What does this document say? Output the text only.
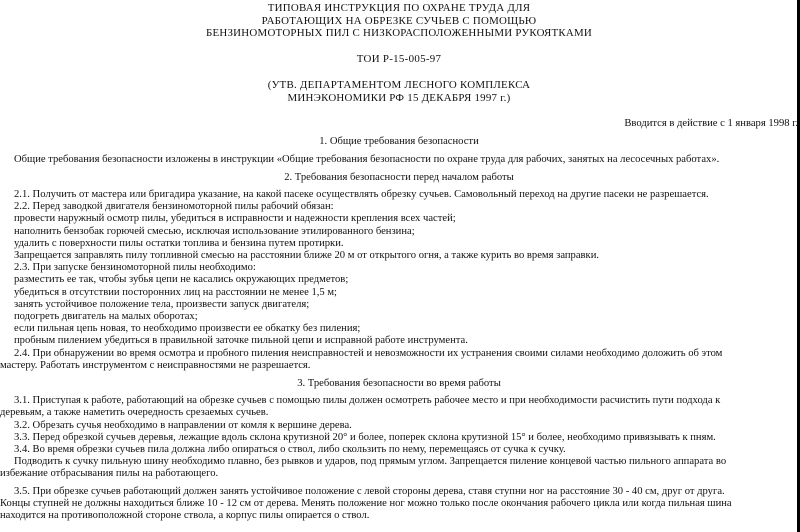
ТИПОВАЯ ИНСТРУКЦИЯ ПО ОХРАНЕ ТРУДА ДЛЯ
РАБОТАЮЩИХ НА ОБРЕЗКЕ СУЧЬЕВ С ПОМОЩЬЮ
БЕНЗИНОМОТОРНЫХ ПИЛ С НИЗКОРАСПОЛОЖЕННЫМИ РУКОЯТКАМИ
ТОИ Р-15-005-97
(УТВ. ДЕПАРТАМЕНТОМ ЛЕСНОГО КОМПЛЕКСА
МИНЭКОНОМИКИ РФ 15 ДЕКАБРЯ 1997 г.)
Вводится в действие с 1 января 1998 г.
1. Общие требования безопасности
Общие требования безопасности изложены в инструкции «Общие требования безопасности по охране труда для рабочих, занятых на лесосечных работах».
2. Требования безопасности перед началом работы
2.1. Получить от мастера или бригадира указание, на какой пасеке осуществлять обрезку сучьев. Самовольный переход на другие пасеки не разрешается.
2.2. Перед заводкой двигателя бензиномоторной пилы рабочий обязан:
провести наружный осмотр пилы, убедиться в исправности и надежности крепления всех частей;
наполнить бензобак горючей смесью, исключая использование этилированного бензина;
удалить с поверхности пилы остатки топлива и бензина путем протирки.
Запрещается заправлять пилу топливной смесью на расстоянии ближе 20 м от открытого огня, а также курить во время заправки.
2.3. При запуске бензиномоторной пилы необходимо:
разместить ее так, чтобы зубья цепи не касались окружающих предметов;
убедиться в отсутствии посторонних лиц на расстоянии не менее 1,5 м;
занять устойчивое положение тела, произвести запуск двигателя;
подогреть двигатель на малых оборотах;
если пильная цепь новая, то необходимо произвести ее обкатку без пиления;
пробным пилением убедиться в правильной заточке пильной цепи и исправной работе инструмента.
2.4. При обнаружении во время осмотра и пробного пиления неисправностей и невозможности их устранения своими силами необходимо доложить об этом
мастеру. Работать инструментом с неисправностями не разрешается.
3. Требования безопасности во время работы
3.1. Приступая к работе, работающий на обрезке сучьев с помощью пилы должен осмотреть рабочее место и при необходимости расчистить пути подхода к
деревьям, а также наметить очередность срезаемых сучьев.
3.2. Обрезать сучья необходимо в направлении от комля к вершине дерева.
3.3. Перед обрезкой сучьев деревья, лежащие вдоль склона крутизной 20° и более, поперек склона крутизной 15° и более, необходимо привязывать к пням.
3.4. Во время обрезки сучьев пила должна либо опираться о ствол, либо скользить по нему, перемещаясь от сучка к сучку.
Подводить к сучку пильную шину необходимо плавно, без рывков и ударов, под прямым углом. Запрещается пиление концевой частью пильного аппарата во
избежание отбрасывания пилы на работающего.
3.5. При обрезке сучьев работающий должен занять устойчивое положение с левой стороны дерева, ставя ступни ног на расстояние 30 - 40 см, друг от друга.
Концы ступней не должны находиться ближе 10 - 12 см от дерева. Менять положение ног можно только после окончания рабочего цикла или когда пильная шина
находится на противоположной стороне ствола, а корпус пилы опирается о ствол.
